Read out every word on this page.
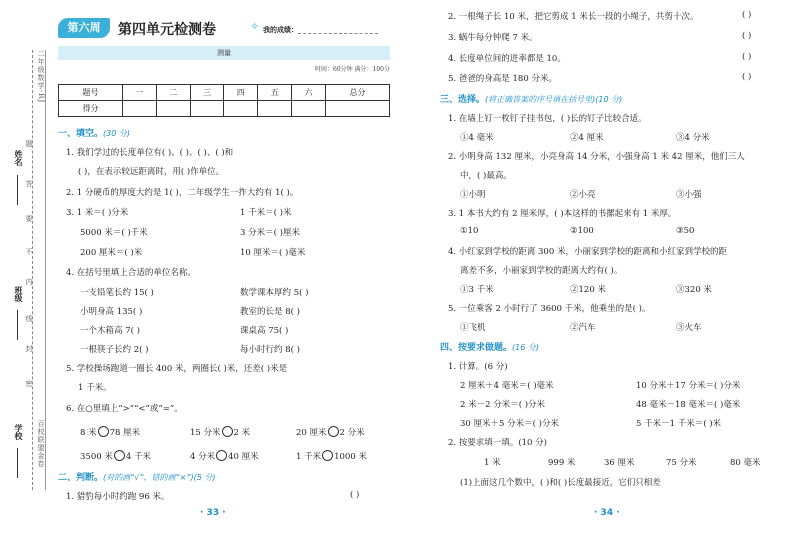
二年级数学·RJ
百校联盟金卷
姓名
班级
学校
题
答
要
不
内
线
封
密
第六周	第四单元检测卷	✧ 我的成绩：
测量
时间：60分钟 满分：100分
题号	一	二	三	四	五	六	总分
得分							
一、填空。(30 分)
1. 我们学过的长度单位有( )、( )、( )、( )和
( )，在表示较远距离时，用( )作单位。
2. 1 分硬币的厚度大约是 1( )，二年级学生一拃大约有 1( )。
3. 1 米＝( )分米	1 千米＝( )米
5000 米＝( )千米	3 分米＝( )厘米
200 厘米＝( )米	10 厘米＝( )毫米
4. 在括号里填上合适的单位名称。
一支铅笔长约 15( )	数学课本厚约 5( )
小明身高 135( )	教室的长是 8( )
一个木箱高 7( )	课桌高 75( )
一根筷子长约 2( )	每小时行约 8( )
5. 学校操场跑道一圈长 400 米，两圈长( )米，还差( )米是
1 千米。
6. 在○里填上“>”“<”或“=”。
8 米 78 厘米	15 分米 2 米	20 厘米 2 分米
3500 米 4 千米	4 分米 40 厘米	1 千米 1000 米
二、判断。(对的画“√”，错的画“×”)(5 分)
1. 猎豹每小时约跑 96 米。	( )
· 33 ·
2. 一根绳子长 10 米，把它剪成 1 米长一段的小绳子，共剪十次。	( )
3. 蜗牛每分钟爬 7 米。	( )
4. 长度单位间的进率都是 10。	( )
5. 爸爸的身高是 180 分米。	( )
三、选择。(将正确答案的序号填在括号里)(10 分)
1. 在墙上钉一枚钉子挂书包，( )长的钉子比较合适。
①4 毫米	②4 厘米	③4 分米
2. 小明身高 132 厘米，小亮身高 14 分米，小强身高 1 米 42 厘米，他们三人
中，( )最高。
①小明	②小亮	③小强
3. 1 本书大约有 2 厘米厚，( )本这样的书摞起来有 1 米厚。
①10	②100	③50
4. 小红家到学校的距离 300 米，小丽家到学校的距离和小红家到学校的距
离差不多，小丽家到学校的距离大约有( )。
①3 千米	②120 米	③320 米
5. 一位乘客 2 小时行了 3600 千米，他乘坐的是( )。
①飞机	②汽车	③火车
四、按要求做题。(16 分)
1. 计算。(6 分)
2 厘米＋4 毫米＝( )毫米	10 分米＋17 分米＝( )分米
2 米－2 分米＝( )分米	48 毫米－18 毫米＝( )毫米
30 厘米＋5 分米＝( )分米	5 千米－1 千米＝( )米
2. 按要求填一填。(10 分)
1 米	999 米	36 厘米	75 分米	80 毫米
(1)上面这几个数中，( )和( )长度最接近，它们只相差
· 34 ·
